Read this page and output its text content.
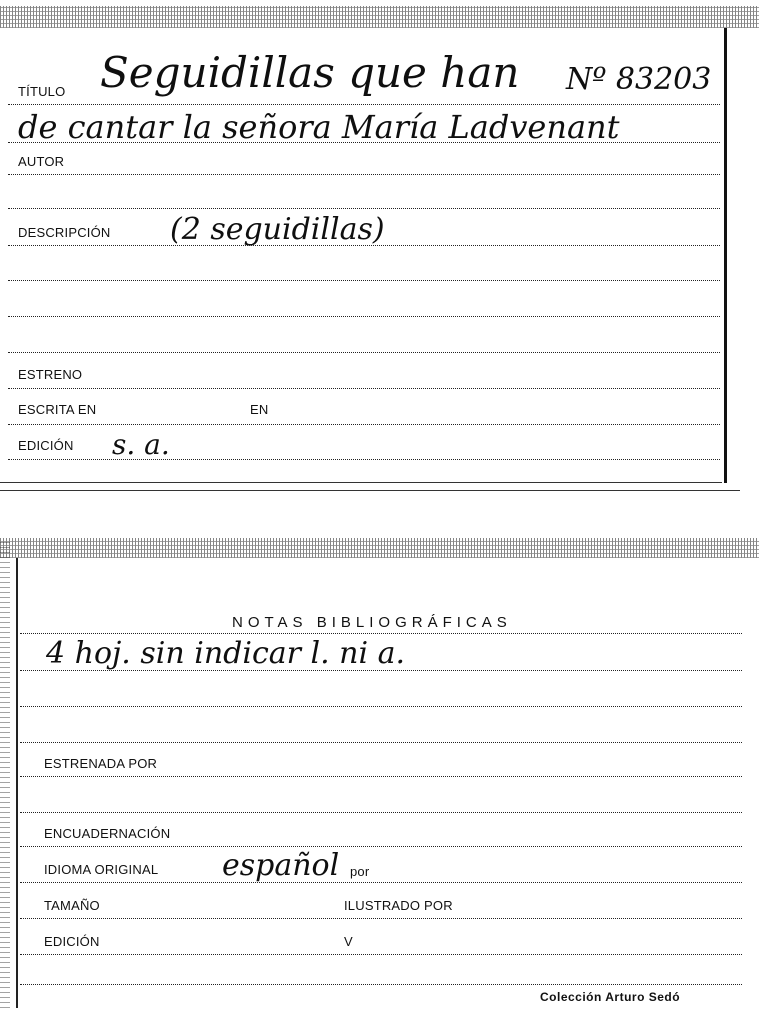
TÍTULO Seguidillas que han Nº 83203
de cantar la señora María Ladvenant
AUTOR
DESCRIPCIÓN (2 seguidillas)
ESTRENO
ESCRITA EN	EN
EDICIÓN s. a.
NOTAS BIBLIOGRÁFICAS
4 hoj. sin indicar l. ni a.
ESTRENADA POR
ENCUADERNACIÓN
IDIOMA ORIGINAL español por
TAMAÑO	ILUSTRADO POR
EDICIÓN	V
Colección Arturo Sedó
